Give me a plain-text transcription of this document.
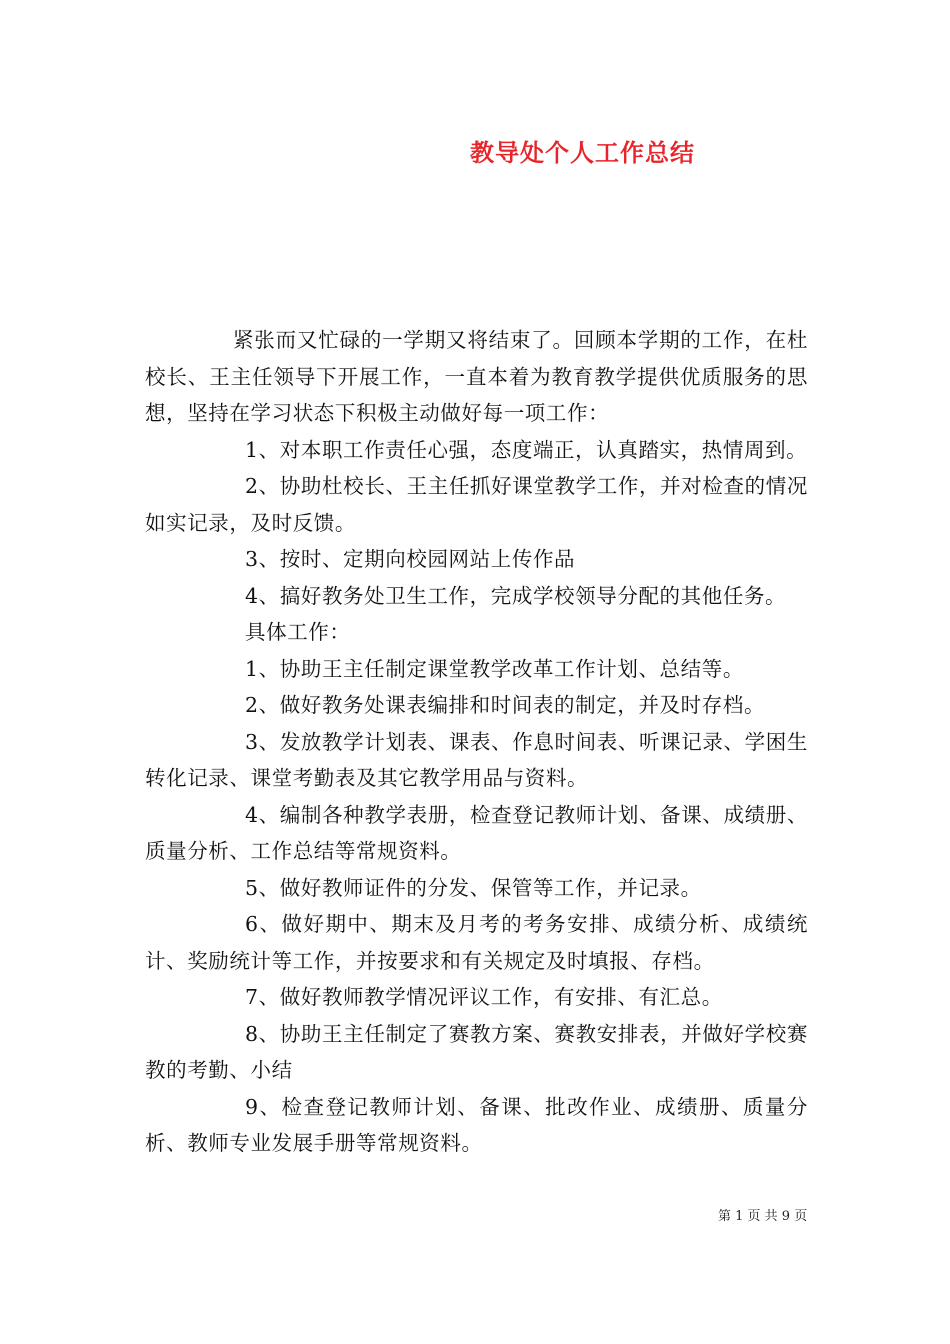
教导处个人工作总结

紧张而又忙碌的一学期又将结束了。回顾本学期的工作，在杜校长、王主任领导下开展工作，一直本着为教育教学提供优质服务的思想，坚持在学习状态下积极主动做好每一项工作：

1、对本职工作责任心强，态度端正，认真踏实，热情周到。

2、协助杜校长、王主任抓好课堂教学工作，并对检查的情况如实记录，及时反馈。

3、按时、定期向校园网站上传作品

4、搞好教务处卫生工作，完成学校领导分配的其他任务。

具体工作：

1、协助王主任制定课堂教学改革工作计划、总结等。

2、做好教务处课表编排和时间表的制定，并及时存档。

3、发放教学计划表、课表、作息时间表、听课记录、学困生转化记录、课堂考勤表及其它教学用品与资料。

4、编制各种教学表册，检查登记教师计划、备课、成绩册、质量分析、工作总结等常规资料。

5、做好教师证件的分发、保管等工作，并记录。

6、做好期中、期末及月考的考务安排、成绩分析、成绩统计、奖励统计等工作，并按要求和有关规定及时填报、存档。

7、做好教师教学情况评议工作，有安排、有汇总。

8、协助王主任制定了赛教方案、赛教安排表，并做好学校赛教的考勤、小结

9、检查登记教师计划、备课、批改作业、成绩册、质量分析、教师专业发展手册等常规资料。

第 1 页 共 9 页
